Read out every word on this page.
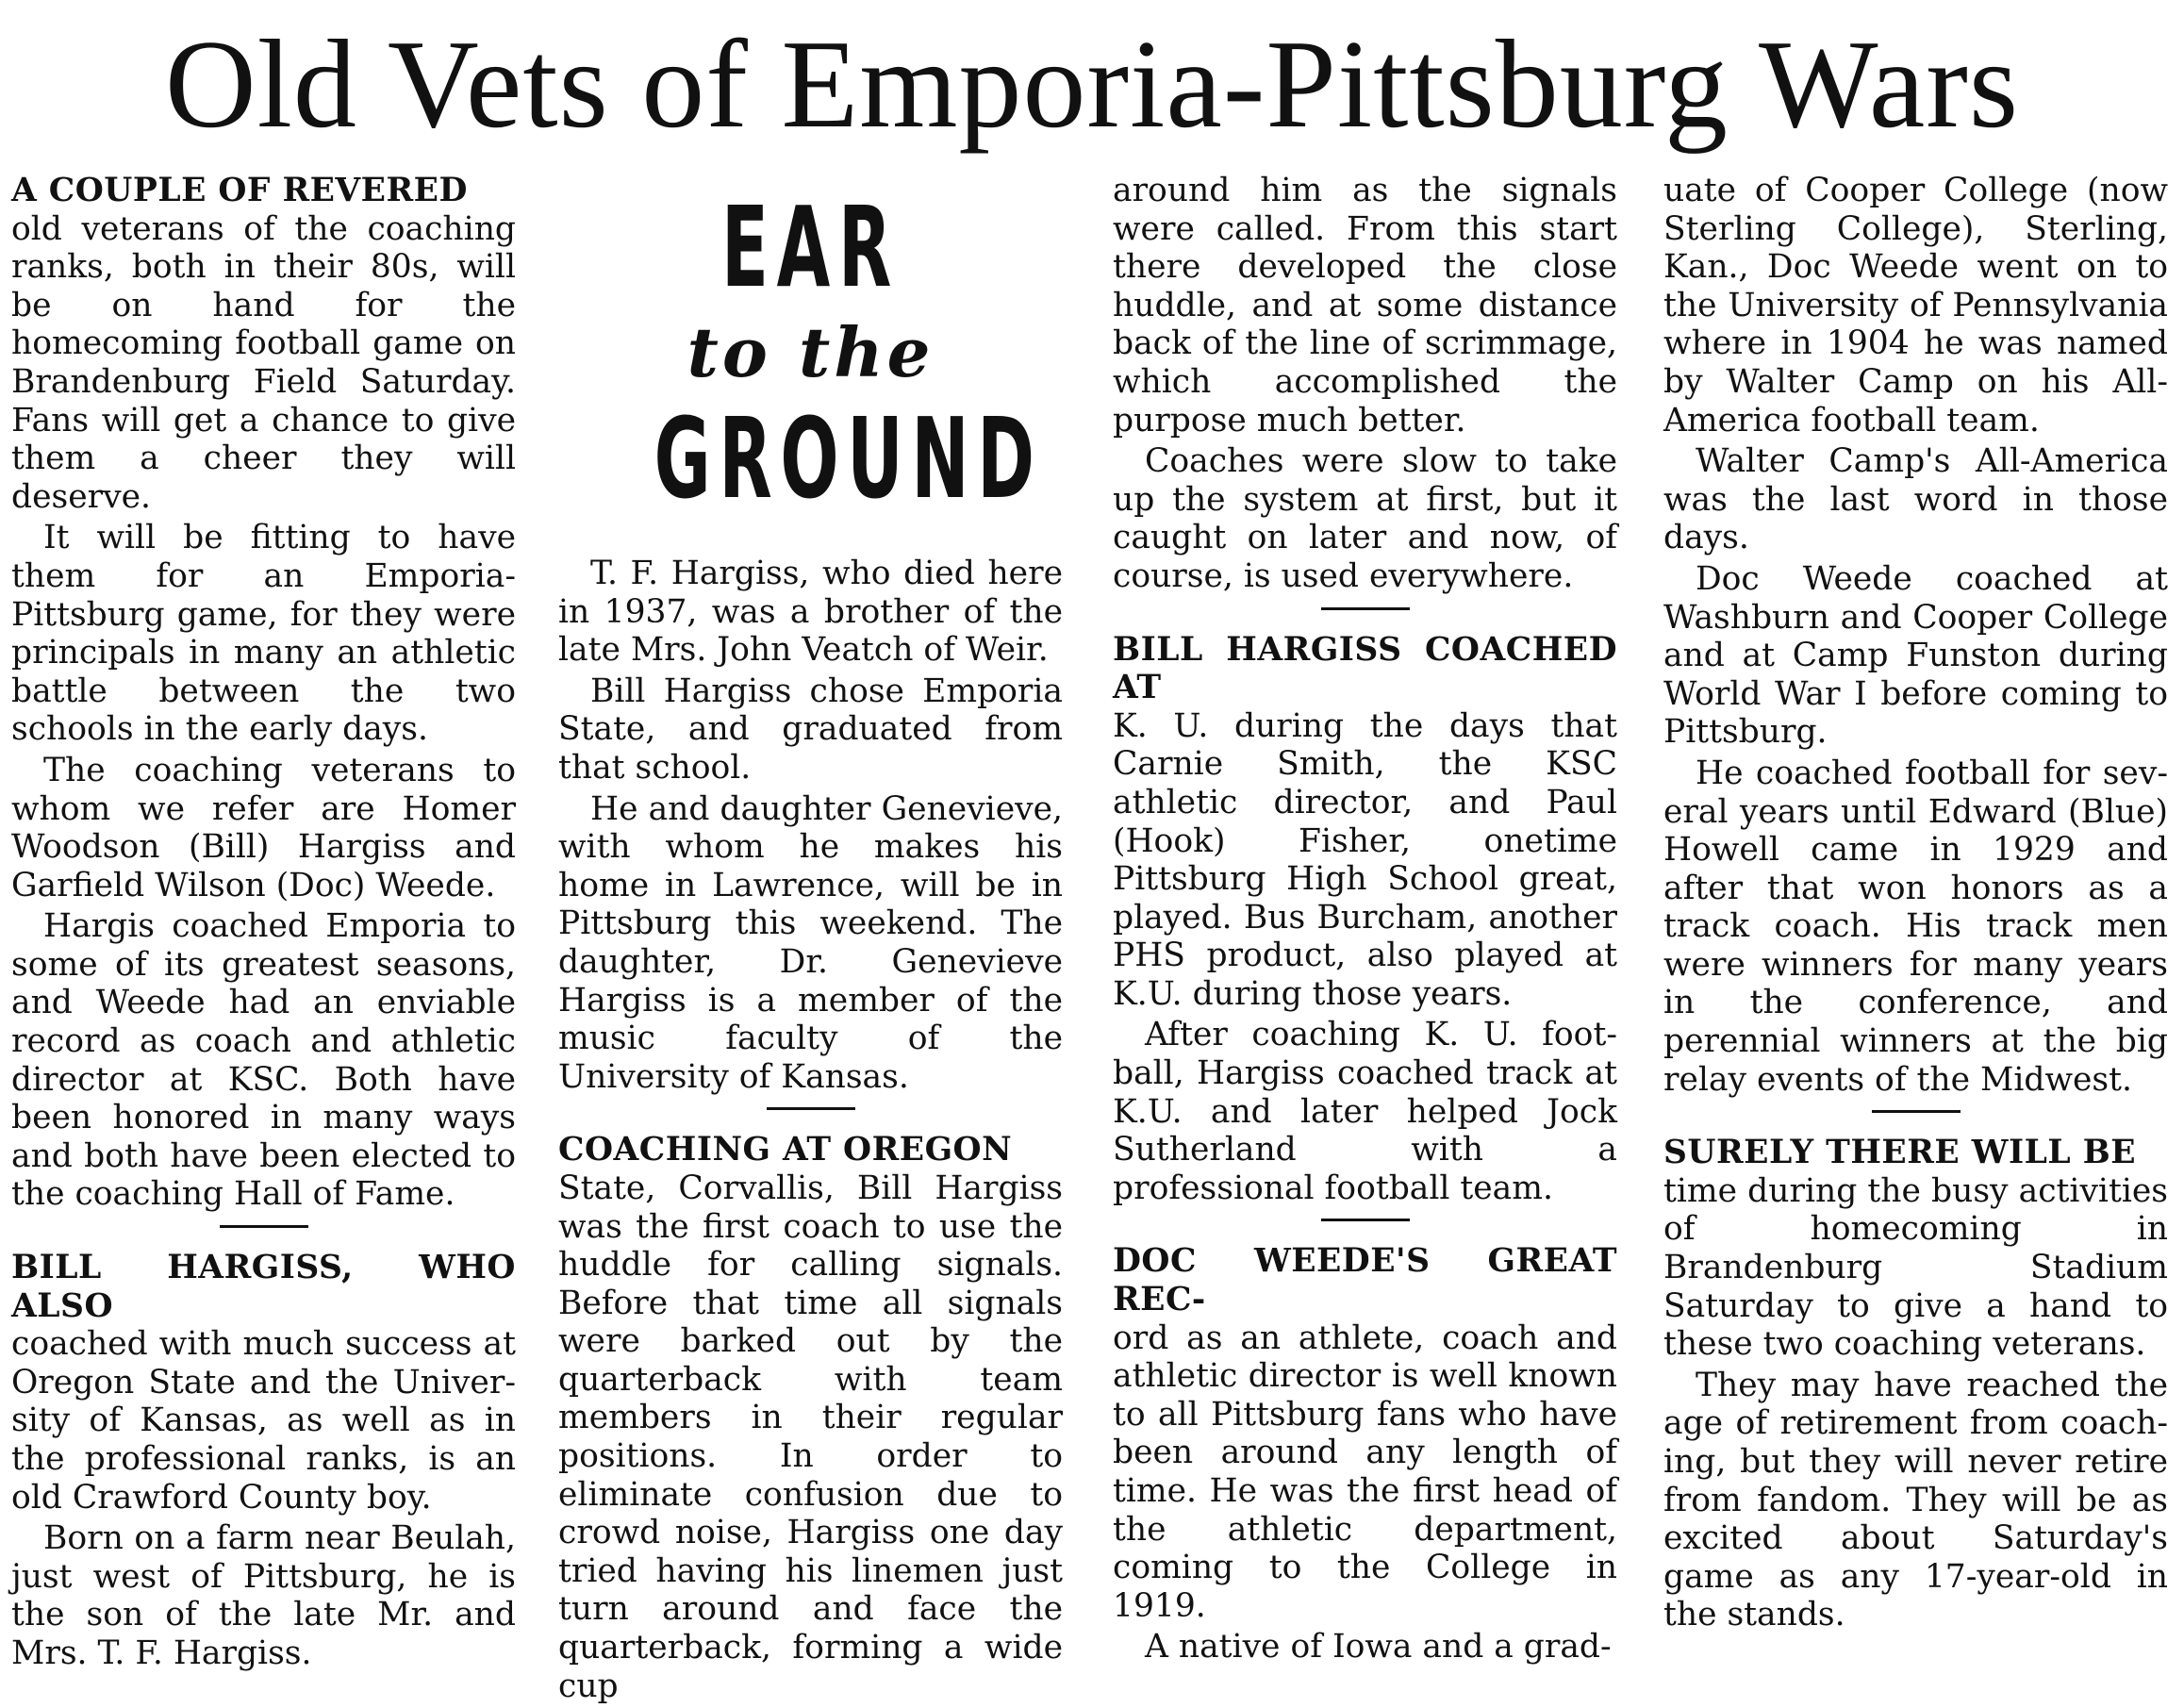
Old Vets of Emporia-Pittsburg Wars

A COUPLE OF REVERED
old veterans of the coaching ranks, both in their 80s, will be on hand for the homecoming football game on Brandenburg Field Saturday. Fans will get a chance to give them a cheer they will deserve.

It will be fitting to have them for an Emporia-Pittsburg game, for they were principals in many an athletic battle between the two schools in the early days.

The coaching veterans to whom we refer are Homer Woodson (Bill) Hargiss and Garfield Wilson (Doc) Weede.

Hargis coached Emporia to some of its greatest seasons, and Weede had an enviable record as coach and athletic director at KSC. Both have been honored in many ways and both have been elected to the coaching Hall of Fame.

BILL HARGISS, WHO ALSO
coached with much success at Oregon State and the University of Kansas, as well as in the professional ranks, is an old Crawford County boy.

Born on a farm near Beulah, just west of Pittsburg, he is the son of the late Mr. and Mrs. T. F. Hargiss.

EAR
to the
GROUND

T. F. Hargiss, who died here in 1937, was a brother of the late Mrs. John Veatch of Weir.

Bill Hargiss chose Emporia State, and graduated from that school.

He and daughter Genevieve, with whom he makes his home in Lawrence, will be in Pittsburg this weekend. The daughter, Dr. Genevieve Hargiss is a member of the music faculty of the University of Kansas.

COACHING AT OREGON
State, Corvallis, Bill Hargiss was the first coach to use the huddle for calling signals. Before that time all signals were barked out by the quarterback with team members in their regular positions. In order to eliminate confusion due to crowd noise, Hargiss one day tried having his linemen just turn around and face the quarterback, forming a wide cup

around him as the signals were called. From this start there developed the close huddle, and at some distance back of the line of scrimmage, which accomplished the purpose much better.

Coaches were slow to take up the system at first, but it caught on later and now, of course, is used everywhere.

BILL HARGISS COACHED AT
K. U. during the days that Carnie Smith, the KSC athletic director, and Paul (Hook) Fisher, onetime Pittsburg High School great, played. Bus Burcham, another PHS product, also played at K.U. during those years.

After coaching K. U. football, Hargiss coached track at K.U. and later helped Jock Sutherland with a professional football team.

DOC WEEDE'S GREAT REC-
ord as an athlete, coach and athletic director is well known to all Pittsburg fans who have been around any length of time. He was the first head of the athletic department, coming to the College in 1919.

A native of Iowa and a grad-

uate of Cooper College (now Sterling College), Sterling, Kan., Doc Weede went on to the University of Pennsylvania where in 1904 he was named by Walter Camp on his All-America football team.

Walter Camp's All-America was the last word in those days.

Doc Weede coached at Washburn and Cooper College and at Camp Funston during World War I before coming to Pittsburg.

He coached football for several years until Edward (Blue) Howell came in 1929 and after that won honors as a track coach. His track men were winners for many years in the conference, and perennial winners at the big relay events of the Midwest.

SURELY THERE WILL BE
time during the busy activities of homecoming in Brandenburg Stadium Saturday to give a hand to these two coaching veterans.

They may have reached the age of retirement from coaching, but they will never retire from fandom. They will be as excited about Saturday's game as any 17-year-old in the stands.
